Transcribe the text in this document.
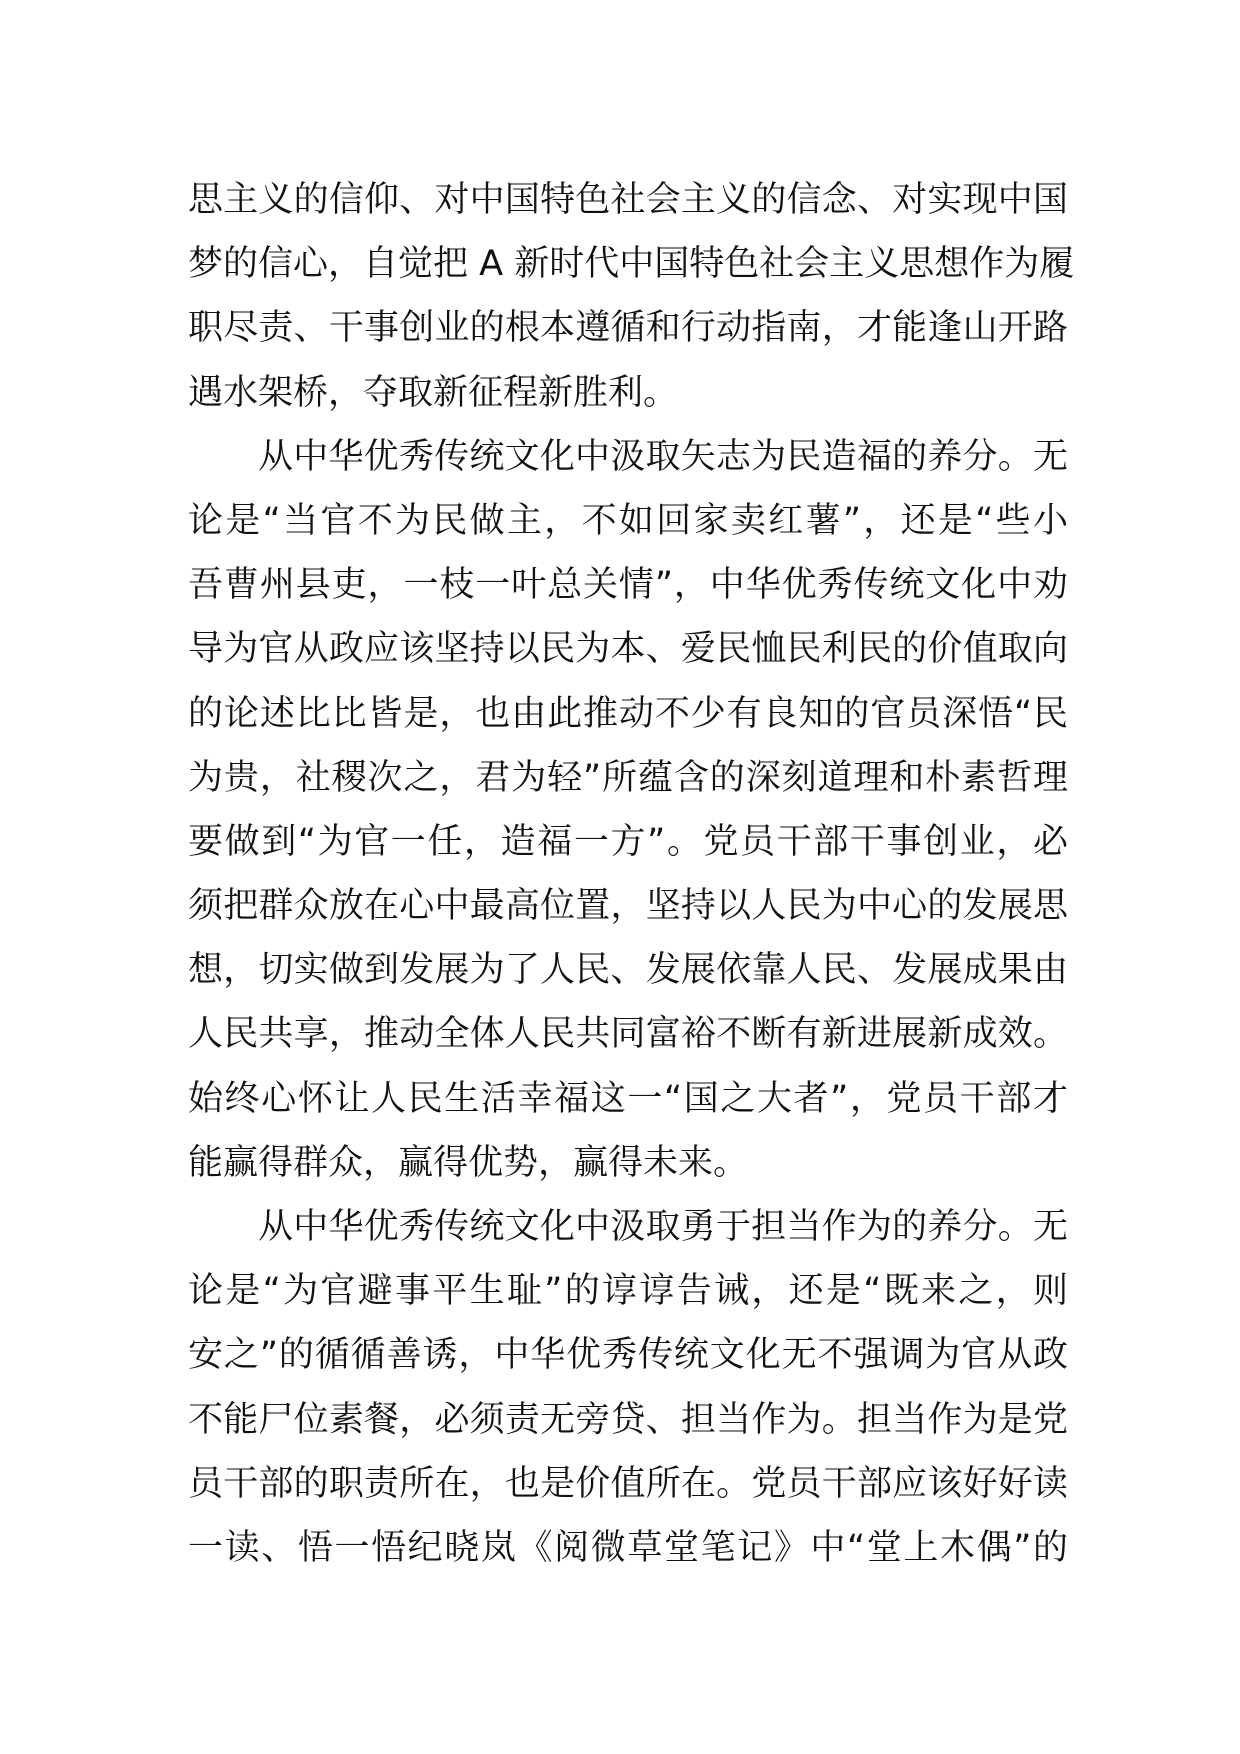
思主义的信仰、对中国特色社会主义的信念、对实现中国
梦的信心，自觉把 A 新时代中国特色社会主义思想作为履
职尽责、干事创业的根本遵循和行动指南，才能逢山开路
遇水架桥，夺取新征程新胜利。
从中华优秀传统文化中汲取矢志为民造福的养分。无
论是“当官不为民做主，不如回家卖红薯”，还是“些小
吾曹州县吏，一枝一叶总关情”，中华优秀传统文化中劝
导为官从政应该坚持以民为本、爱民恤民利民的价值取向
的论述比比皆是，也由此推动不少有良知的官员深悟“民
为贵，社稷次之，君为轻”所蕴含的深刻道理和朴素哲理
要做到“为官一任，造福一方”。党员干部干事创业，必
须把群众放在心中最高位置，坚持以人民为中心的发展思
想，切实做到发展为了人民、发展依靠人民、发展成果由
人民共享，推动全体人民共同富裕不断有新进展新成效。
始终心怀让人民生活幸福这一“国之大者”，党员干部才
能赢得群众，赢得优势，赢得未来。
从中华优秀传统文化中汲取勇于担当作为的养分。无
论是“为官避事平生耻”的谆谆告诫，还是“既来之，则
安之”的循循善诱，中华优秀传统文化无不强调为官从政
不能尸位素餐，必须责无旁贷、担当作为。担当作为是党
员干部的职责所在，也是价值所在。党员干部应该好好读
一读、悟一悟纪晓岚《阅微草堂笔记》中“堂上木偶”的
